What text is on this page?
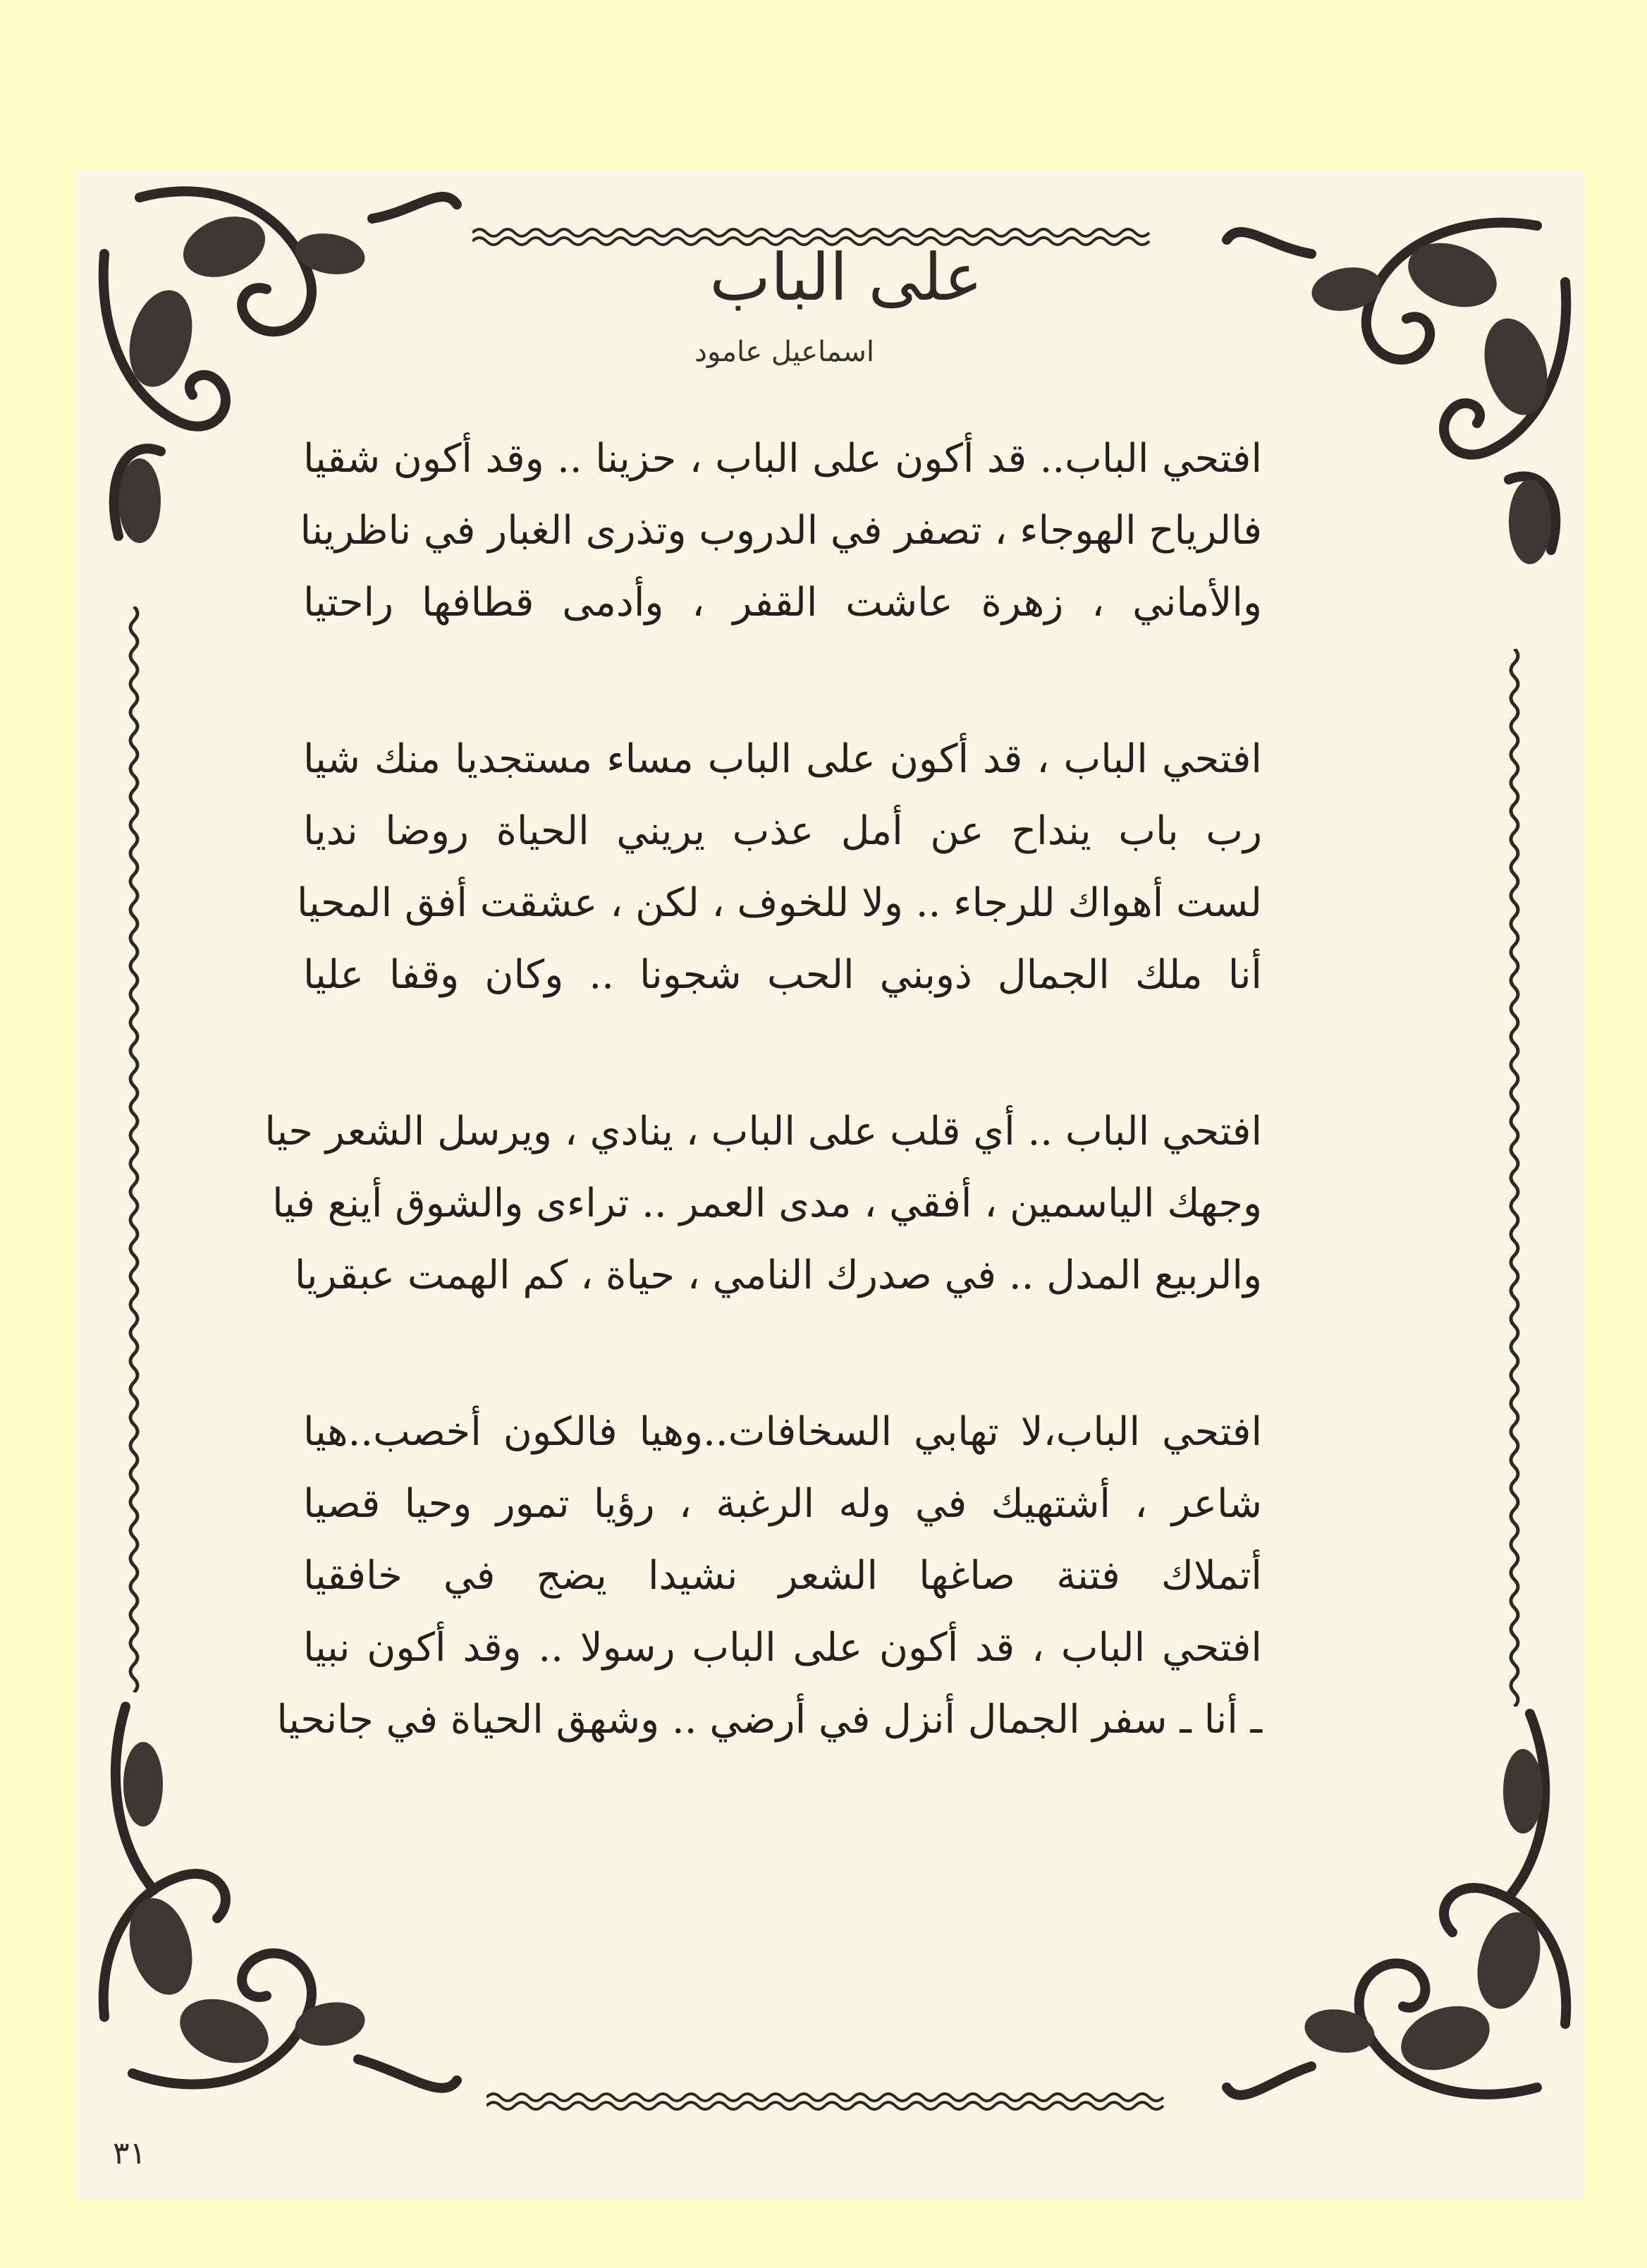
على الباب
اسماعيل عامود
افتحي الباب.. قد أكون على الباب ، حزينا .. وقد أكون شقيا
فالرياح الهوجاء ، تصفر في الدروب وتذرى الغبار في ناظرينا
والأماني ، زهرة عاشت القفر ، وأدمى قطافها راحتيا
افتحي الباب ، قد أكون على الباب مساء مستجديا منك شيا
رب باب ينداح عن أمل عذب يريني الحياة روضا نديا
لست أهواك للرجاء .. ولا للخوف ، لكن ، عشقت أفق المحيا
أنا ملك الجمال ذوبني الحب شجونا .. وكان وقفا عليا
افتحي الباب .. أي قلب على الباب ، ينادي ، ويرسل الشعر حيا
وجهك الياسمين ، أفقي ، مدى العمر .. تراءى والشوق أينع فيا
والربيع المدل .. في صدرك النامي ، حياة ، كم الهمت عبقريا
افتحي الباب،لا تهابي السخافات..وهيا فالكون أخصب..هيا
شاعر ، أشتهيك في وله الرغبة ، رؤيا تمور وحيا قصيا
أتملاك فتنة صاغها الشعر نشيدا يضج في خافقيا
افتحي الباب ، قد أكون على الباب رسولا .. وقد أكون نبيا
ـ أنا ـ سفر الجمال أنزل في أرضي .. وشهق الحياة في جانحيا
٣١
